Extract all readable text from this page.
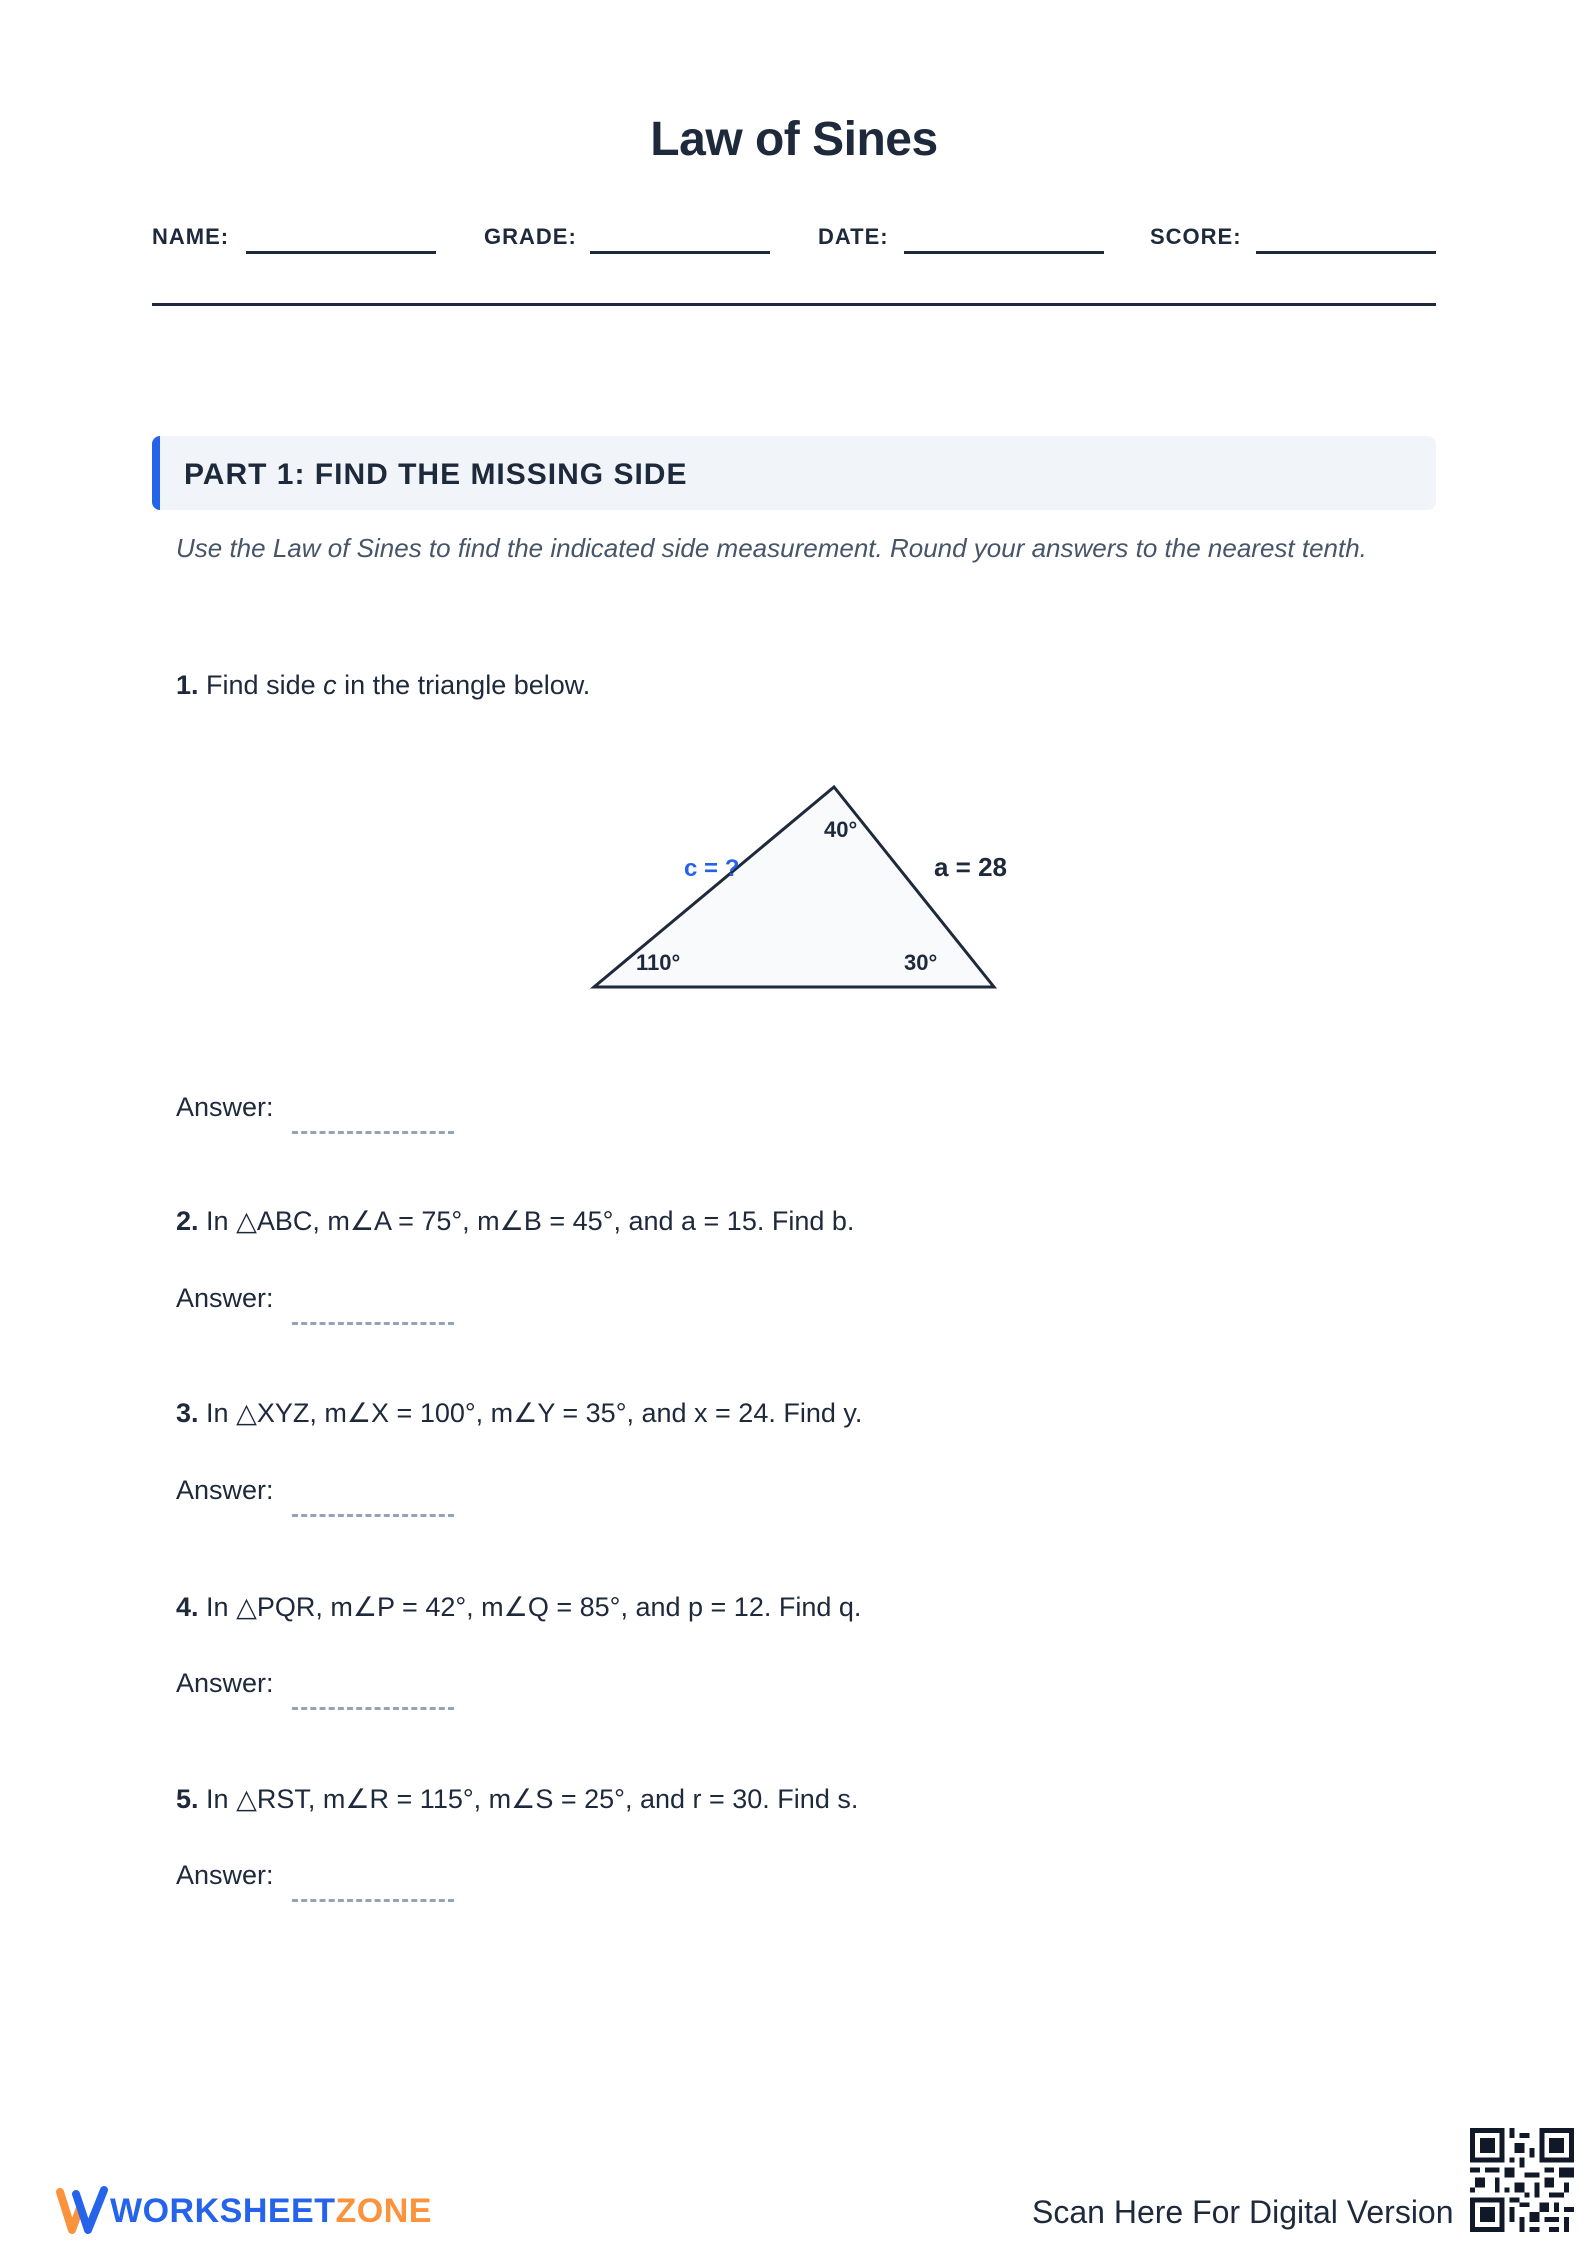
Law of Sines
NAME:	GRADE:	DATE:	SCORE:
PART 1: FIND THE MISSING SIDE
Use the Law of Sines to find the indicated side measurement. Round your answers to the nearest tenth.
1. Find side c in the triangle below.
40°
110°	30°
c = ?	a = 28
Answer:
2. In △ABC, m∠A = 75°, m∠B = 45°, and a = 15. Find b.
Answer:
3. In △XYZ, m∠X = 100°, m∠Y = 35°, and x = 24. Find y.
Answer:
4. In △PQR, m∠P = 42°, m∠Q = 85°, and p = 12. Find q.
Answer:
5. In △RST, m∠R = 115°, m∠S = 25°, and r = 30. Find s.
Answer:
WORKSHEETZONE	Scan Here For Digital Version
